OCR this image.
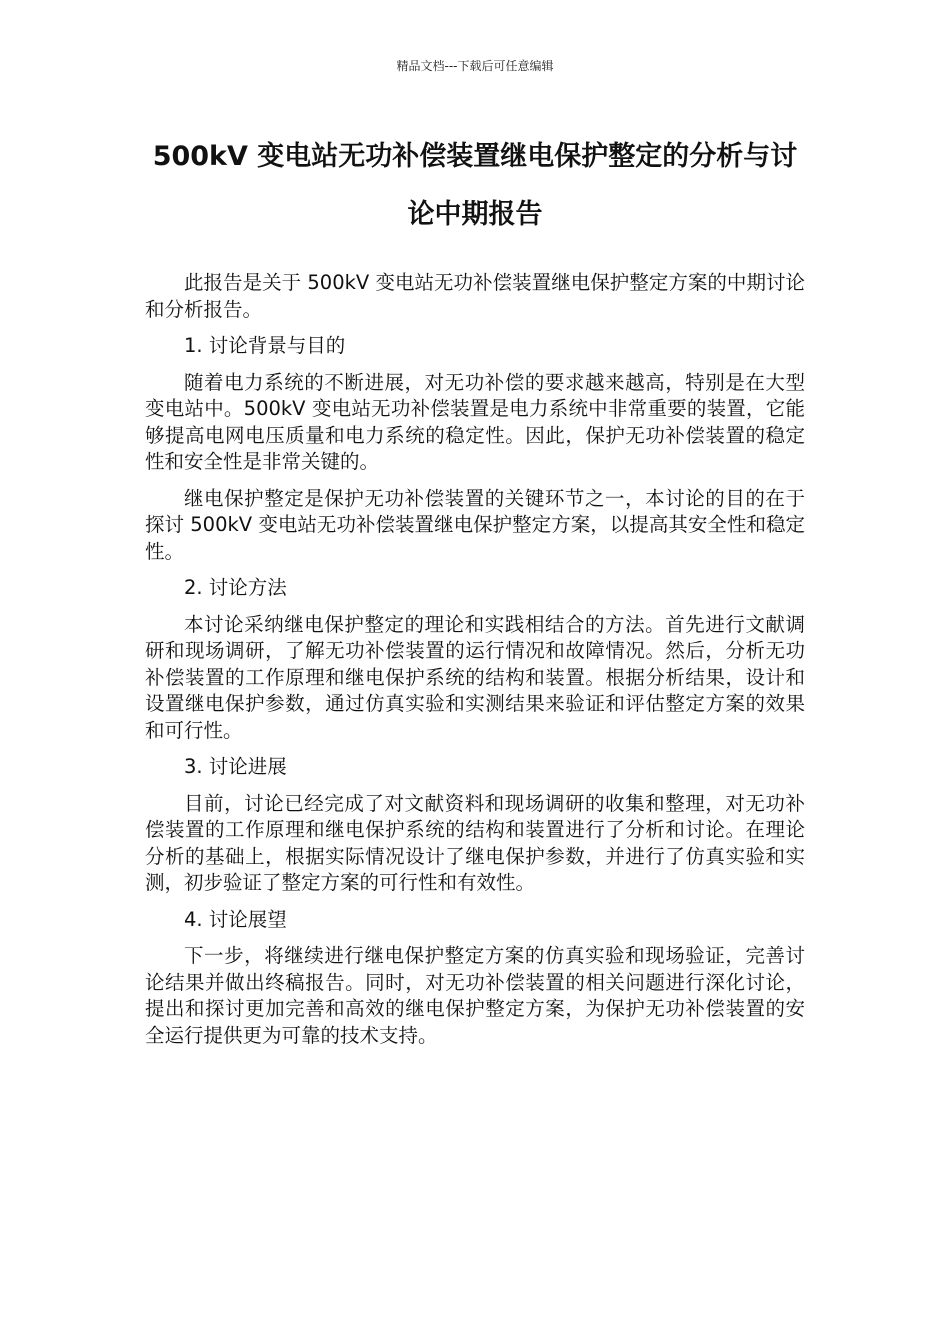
精品文档---下载后可任意编辑
500kV 变电站无功补偿装置继电保护整定的分析与讨论中期报告

此报告是关于 500kV 变电站无功补偿装置继电保护整定方案的中期讨论和分析报告。

1. 讨论背景与目的

随着电力系统的不断进展，对无功补偿的要求越来越高，特别是在大型变电站中。500kV 变电站无功补偿装置是电力系统中非常重要的装置，它能够提高电网电压质量和电力系统的稳定性。因此，保护无功补偿装置的稳定性和安全性是非常关键的。

继电保护整定是保护无功补偿装置的关键环节之一，本讨论的目的在于探讨 500kV 变电站无功补偿装置继电保护整定方案，以提高其安全性和稳定性。

2. 讨论方法

本讨论采纳继电保护整定的理论和实践相结合的方法。首先进行文献调研和现场调研，了解无功补偿装置的运行情况和故障情况。然后，分析无功补偿装置的工作原理和继电保护系统的结构和装置。根据分析结果，设计和设置继电保护参数，通过仿真实验和实测结果来验证和评估整定方案的效果和可行性。

3. 讨论进展

目前，讨论已经完成了对文献资料和现场调研的收集和整理，对无功补偿装置的工作原理和继电保护系统的结构和装置进行了分析和讨论。在理论分析的基础上，根据实际情况设计了继电保护参数，并进行了仿真实验和实测，初步验证了整定方案的可行性和有效性。

4. 讨论展望

下一步，将继续进行继电保护整定方案的仿真实验和现场验证，完善讨论结果并做出终稿报告。同时，对无功补偿装置的相关问题进行深化讨论，提出和探讨更加完善和高效的继电保护整定方案，为保护无功补偿装置的安全运行提供更为可靠的技术支持。
